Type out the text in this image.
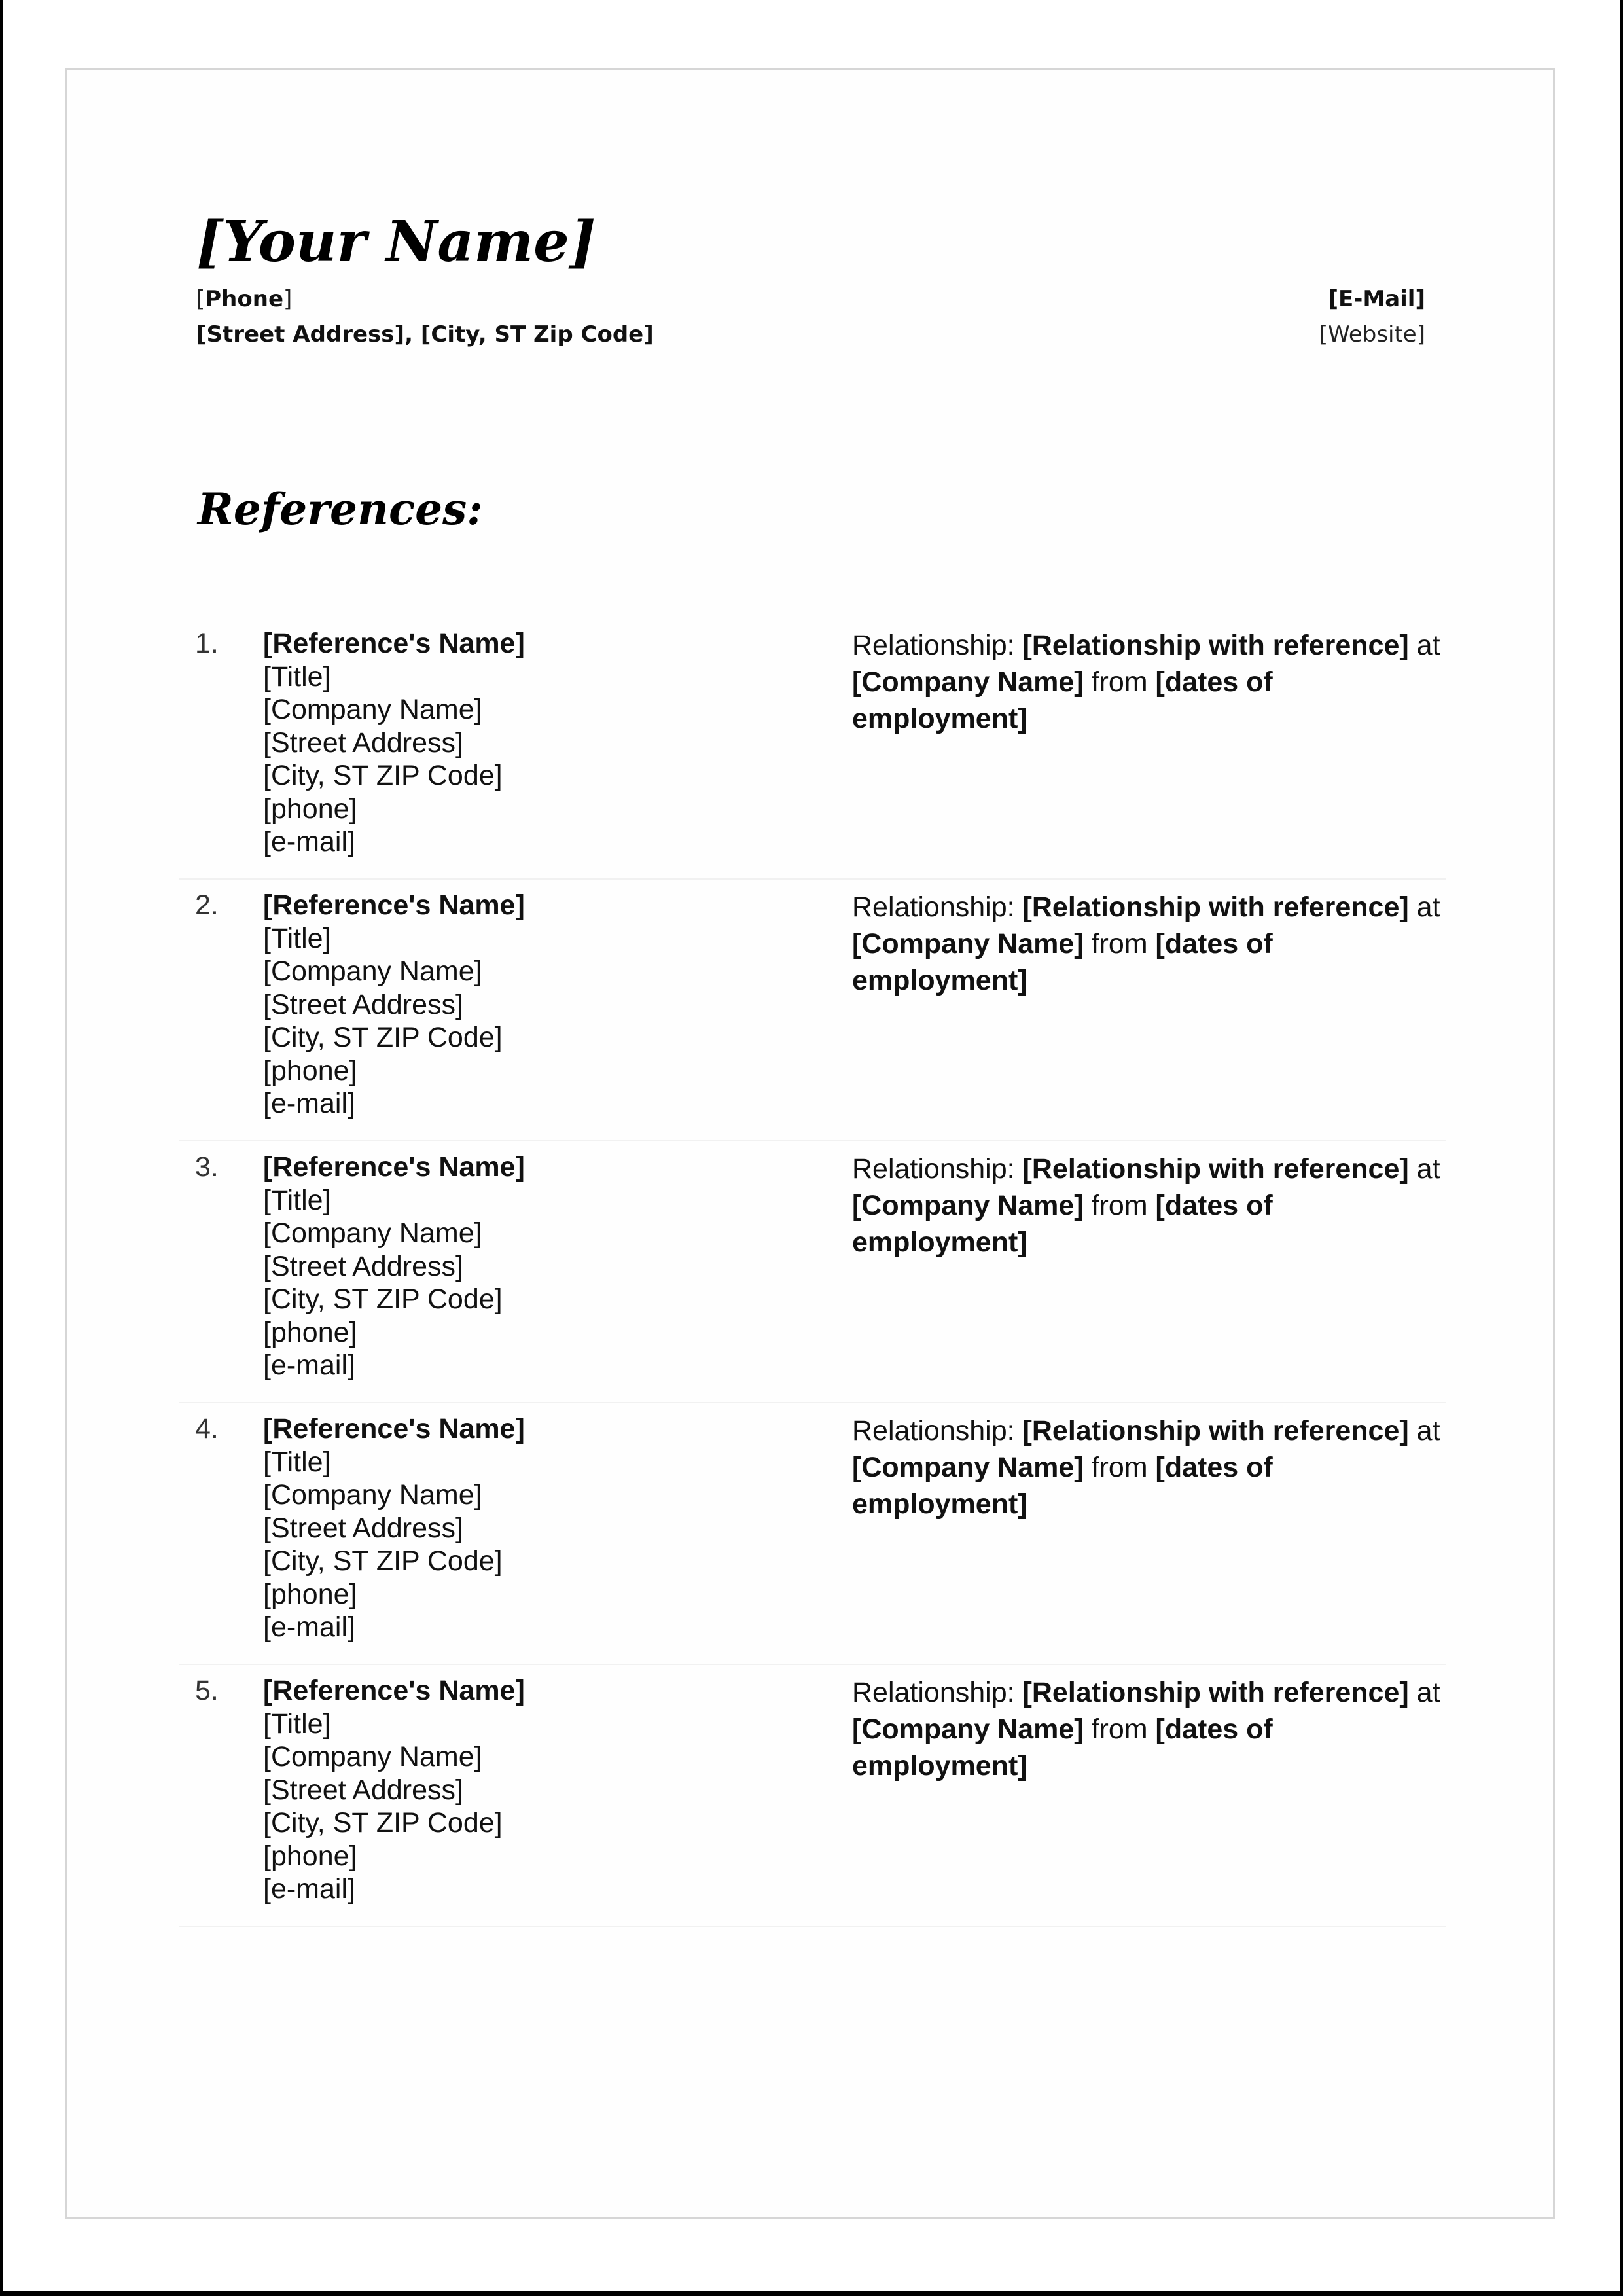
[Your Name]
[Phone]
[Street Address], [City, ST Zip Code]
[E-Mail]
[Website]
References:
1. [Reference's Name]
[Title]
[Company Name]
[Street Address]
[City, ST ZIP Code]
[phone]
[e-mail]
Relationship: [Relationship with reference] at  [Company Name] from [dates of employment]
2. [Reference's Name]
[Title]
[Company Name]
[Street Address]
[City, ST ZIP Code]
[phone]
[e-mail]
Relationship: [Relationship with reference] at  [Company Name] from [dates of employment]
3. [Reference's Name]
[Title]
[Company Name]
[Street Address]
[City, ST ZIP Code]
[phone]
[e-mail]
Relationship: [Relationship with reference] at  [Company Name] from [dates of employment]
4. [Reference's Name]
[Title]
[Company Name]
[Street Address]
[City, ST ZIP Code]
[phone]
[e-mail]
Relationship: [Relationship with reference] at  [Company Name] from [dates of employment]
5. [Reference's Name]
[Title]
[Company Name]
[Street Address]
[City, ST ZIP Code]
[phone]
[e-mail]
Relationship: [Relationship with reference] at  [Company Name] from [dates of employment]
